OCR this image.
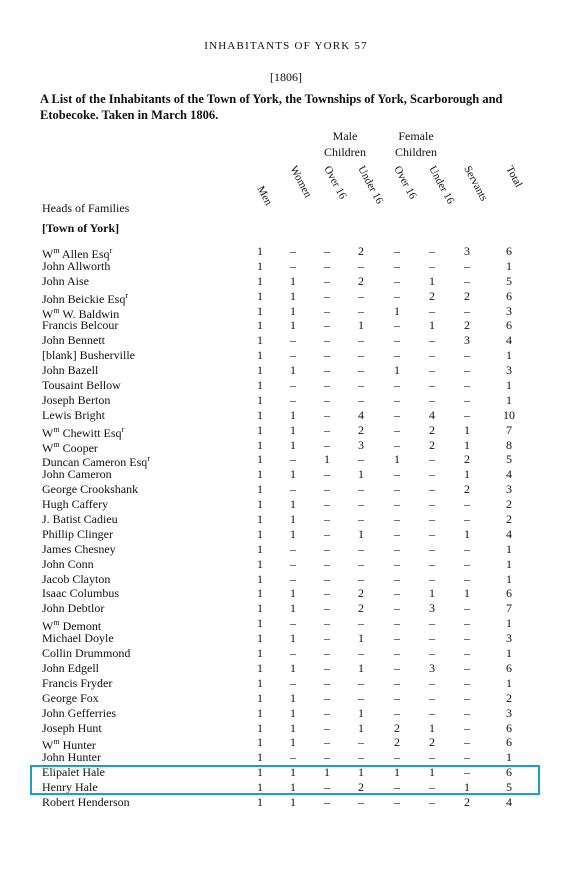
INHABITANTS OF YORK 57
[1806]
A List of the Inhabitants of the Town of York, the Townships of York, Scarborough and Etobecoke. Taken in March 1806.
Male
Children
Female
Children
Men Women Over 16 Under 16 Over 16 Under 16 Servants Total
Heads of Families
[Town of York]
$W^m$ Allen Esq$^r$	1	–	–	2	–	–	3	6
John Allworth	1	–	–	–	–	–	–	1
John Aise	1	1	–	2	–	1	–	5
John Beickie Esq$^r$	1	1	–	–	–	2	2	6
$W^m$ W. Baldwin	1	1	–	–	1	–	–	3
Francis Belcour	1	1	–	1	–	1	2	6
John Bennett	1	–	–	–	–	–	3	4
[blank] Busherville	1	–	–	–	–	–	–	1
John Bazell	1	1	–	–	1	–	–	3
Tousaint Bellow	1	–	–	–	–	–	–	1
Joseph Berton	1	–	–	–	–	–	–	1
Lewis Bright	1	1	–	4	–	4	–	10
$W^m$ Chewitt Esq$^r$	1	1	–	2	–	2	1	7
$W^m$ Cooper	1	1	–	3	–	2	1	8
Duncan Cameron Esq$^r$	1	–	1	–	1	–	2	5
John Cameron	1	1	–	1	–	–	1	4
George Crookshank	1	–	–	–	–	–	2	3
Hugh Caffery	1	1	–	–	–	–	–	2
J. Batist Cadieu	1	1	–	–	–	–	–	2
Phillip Clinger	1	1	–	1	–	–	1	4
James Chesney	1	–	–	–	–	–	–	1
John Conn	1	–	–	–	–	–	–	1
Jacob Clayton	1	–	–	–	–	–	–	1
Isaac Columbus	1	1	–	2	–	1	1	6
John Debtlor	1	1	–	2	–	3	–	7
$W^m$ Demont	1	–	–	–	–	–	–	1
Michael Doyle	1	1	–	1	–	–	–	3
Collin Drummond	1	–	–	–	–	–	–	1
John Edgell	1	1	–	1	–	3	–	6
Francis Fryder	1	–	–	–	–	–	–	1
George Fox	1	1	–	–	–	–	–	2
John Gefferries	1	1	–	1	–	–	–	3
Joseph Hunt	1	1	–	1	2	1	–	6
$W^m$ Hunter	1	1	–	–	2	2	–	6
John Hunter	1	–	–	–	–	–	–	1
Elipalet Hale	1	1	1	1	1	1	–	6
Henry Hale	1	1	–	2	–	–	1	5
Robert Henderson	1	1	–	–	–	–	2	4
